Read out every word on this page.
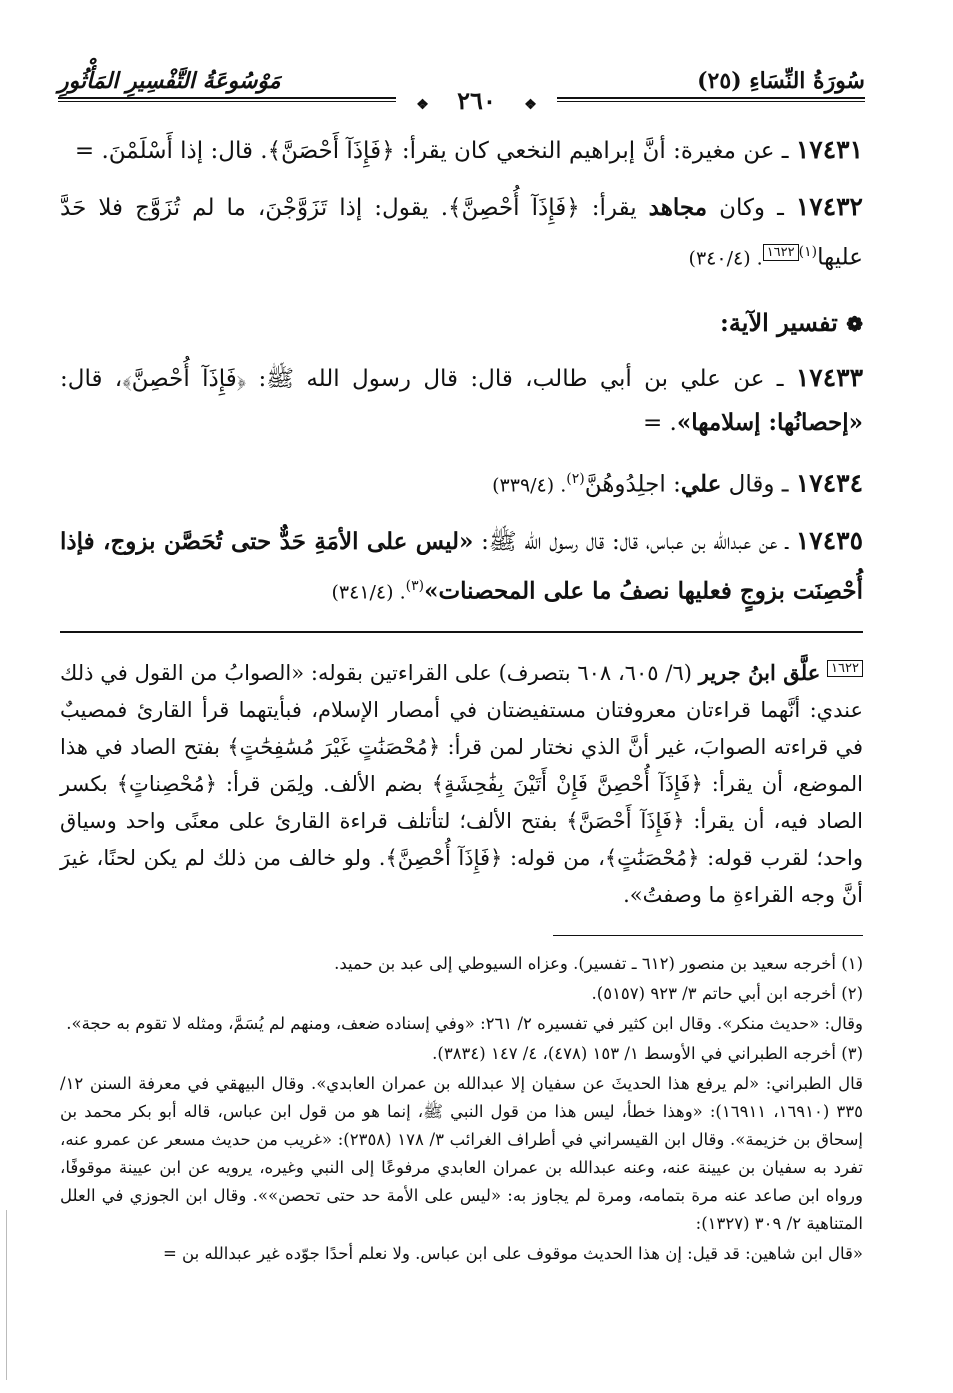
سُورَةُ النِّسَاءِ (٢٥)
مَوْسُوعَةُ التَّفْسِيرِ المَأْثُورِ
❖ ٢٦٠ ❖

١٧٤٣١ ـ عن مغيرة: أنَّ إبراهيم النخعي كان يقرأ: ﴿فَإِذَآ أَحْصَنَّ﴾. قال: إذا أَسْلَمْنَ. =

١٧٤٣٢ ـ وكان مجاهد يقرأ: ﴿فَإِذَآ أُحْصِنَّ﴾. يقول: إذا تَزَوَّجْنَ، ما لم تُزَوَّج فلا حَدَّ عليها$^{(١)}$١٦٢٢. (٣٤٠/٤)

❁ تفسير الآية:

١٧٤٣٣ ـ عن علي بن أبي طالب، قال: قال رسول الله ﷺ: ﴿فَإِذَآ أُحْصِنَّ﴾، قال: «إحصانُها: إسلامها». =

١٧٤٣٤ ـ وقال علي: اجلِدُوهُنَّ$^{(٢)}$. (٣٣٩/٤)

١٧٤٣٥ ـ عن عبدالله بن عباس، قال: قال رسول الله ﷺ: «ليس على الأمَةِ حَدٌّ حتى تُحَصَّن بزوج، فإذا أُحْصِنَت بزوجٍ فعليها نصفُ ما على المحصنات»$^{(٣)}$. (٣٤١/٤)

١٦٢٢ علَّق ابنُ جرير (٦/ ٦٠٥، ٦٠٨ بتصرف) على القراءتين بقوله: «الصوابُ من القول في ذلك عندي: أنَّهما قراءتان معروفتان مستفيضتان في أمصار الإسلام، فبأيتهما قرأ القارئ فمصيبٌ في قراءته الصوابَ، غير أنَّ الذي نختار لمن قرأ: ﴿مُحْصَنَٰتٍ غَيْرَ مُسَٰفِحَٰتٍ﴾ بفتح الصاد في هذا الموضع، أن يقرأ: ﴿فَإِذَآ أُحْصِنَّ فَإِنْ أَتَيْنَ بِفَٰحِشَةٍ﴾ بضم الألف. ولِمَن قرأ: ﴿مُحْصِناتٍ﴾ بكسر الصاد فيه، أن يقرأ: ﴿فَإِذَآ أَحْصَنَّ﴾ بفتح الألف؛ لتأتلف قراءة القارئ على معنًى واحد وسياق واحد؛ لقرب قوله: ﴿مُحْصَنَٰتٍ﴾، من قوله: ﴿فَإِذَآ أُحْصِنَّ﴾. ولو خالف من ذلك لم يكن لحنًا، غيرَ أنَّ وجه القراءةِ ما وصفتُ».

(١) أخرجه سعيد بن منصور (٦١٢ ـ تفسير). وعزاه السيوطي إلى عبد بن حميد.

(٢) أخرجه ابن أبي حاتم ٣/ ٩٢٣ (٥١٥٧).

وقال: «حديث منكر». وقال ابن كثير في تفسيره ٢/ ٢٦١: «وفي إسناده ضعف، ومنهم لم يُسَمَّ، ومثله لا تقوم به حجة».

(٣) أخرجه الطبراني في الأوسط ١/ ١٥٣ (٤٧٨)، ٤/ ١٤٧ (٣٨٣٤).

قال الطبراني: «لم يرفع هذا الحديثَ عن سفيان إلا عبدالله بن عمران العابدي». وقال البيهقي في معرفة السنن ١٢/ ٣٣٥ (١٦٩١٠، ١٦٩١١): «وهذا خطأ، ليس هذا من قول النبي ﷺ، إنما هو من قول ابن عباس، قاله أبو بكر محمد بن إسحاق بن خزيمة». وقال ابن القيسراني في أطراف الغرائب ٣/ ١٧٨ (٢٣٥٨): «غريب من حديث مسعر عن عمرو عنه، تفرد به سفيان بن عيينة عنه، وعنه عبدالله بن عمران العابدي مرفوعًا إلى النبي وغيره، يرويه عن ابن عيينة موقوفًا، ورواه ابن صاعد عنه مرة بتمامه، ومرة لم يجاوز به: «ليس على الأمة حد حتى تحصن»». وقال ابن الجوزي في العلل المتناهية ٢/ ٣٠٩ (١٣٢٧):

«قال ابن شاهين: قد قيل: إن هذا الحديث موقوف على ابن عباس. ولا نعلم أحدًا جوّده غير عبدالله بن =
